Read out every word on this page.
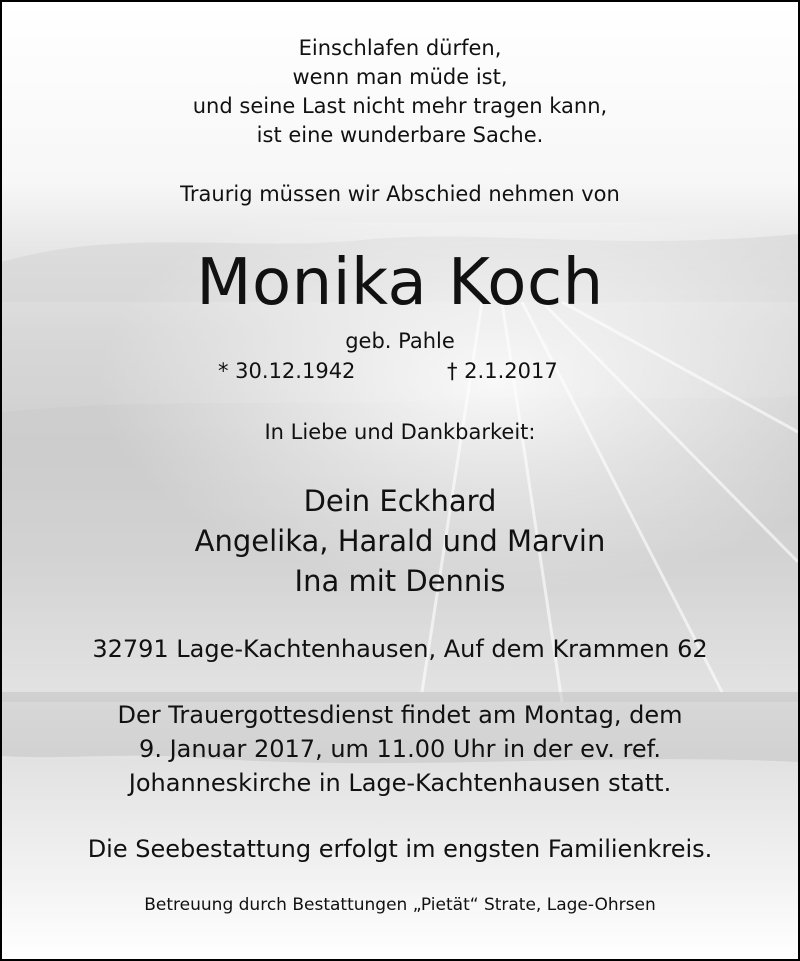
Einschlafen dürfen,
wenn man müde ist,
und seine Last nicht mehr tragen kann,
ist eine wunderbare Sache.
Traurig müssen wir Abschied nehmen von
Monika Koch
geb. Pahle
* 30.12.1942	† 2.1.2017
In Liebe und Dankbarkeit:
Dein Eckhard
Angelika, Harald und Marvin
Ina mit Dennis
32791 Lage-Kachtenhausen, Auf dem Krammen 62
Der Trauergottesdienst findet am Montag, dem
9. Januar 2017, um 11.00 Uhr in der ev. ref.
Johanneskirche in Lage-Kachtenhausen statt.
Die Seebestattung erfolgt im engsten Familienkreis.
Betreuung durch Bestattungen „Pietät“ Strate, Lage-Ohrsen
